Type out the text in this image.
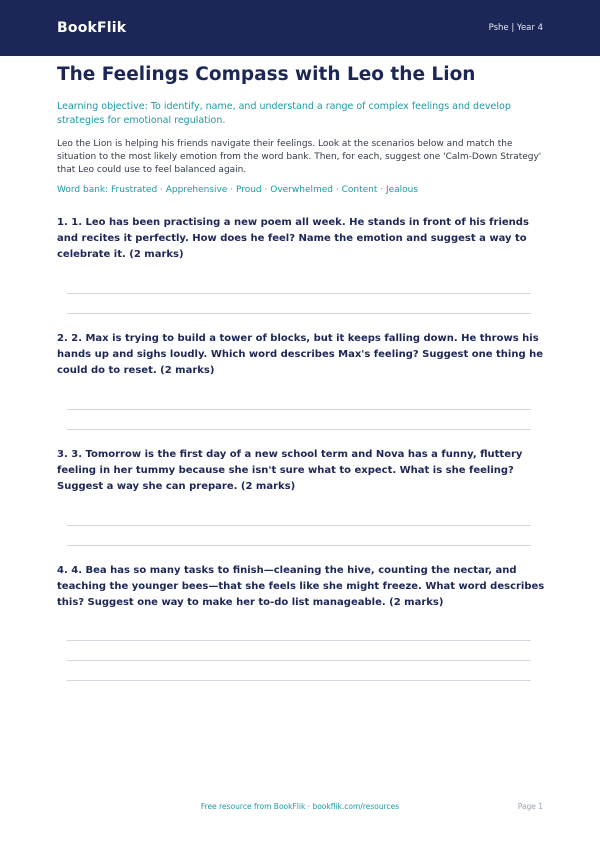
BookFlik	Pshe | Year 4
The Feelings Compass with Leo the Lion

Learning objective: To identify, name, and understand a range of complex feelings and develop strategies for emotional regulation.

Leo the Lion is helping his friends navigate their feelings. Look at the scenarios below and match the situation to the most likely emotion from the word bank. Then, for each, suggest one 'Calm-Down Strategy' that Leo could use to feel balanced again.

Word bank: Frustrated · Apprehensive · Proud · Overwhelmed · Content · Jealous

1. 1. Leo has been practising a new poem all week. He stands in front of his friends and recites it perfectly. How does he feel? Name the emotion and suggest a way to celebrate it. (2 marks)

2. 2. Max is trying to build a tower of blocks, but it keeps falling down. He throws his hands up and sighs loudly. Which word describes Max's feeling? Suggest one thing he could do to reset. (2 marks)

3. 3. Tomorrow is the first day of a new school term and Nova has a funny, fluttery feeling in her tummy because she isn't sure what to expect. What is she feeling? Suggest a way she can prepare. (2 marks)

4. 4. Bea has so many tasks to finish—cleaning the hive, counting the nectar, and teaching the younger bees—that she feels like she might freeze. What word describes this? Suggest one way to make her to-do list manageable. (2 marks)

Free resource from BookFlik · bookflik.com/resources	Page 1
